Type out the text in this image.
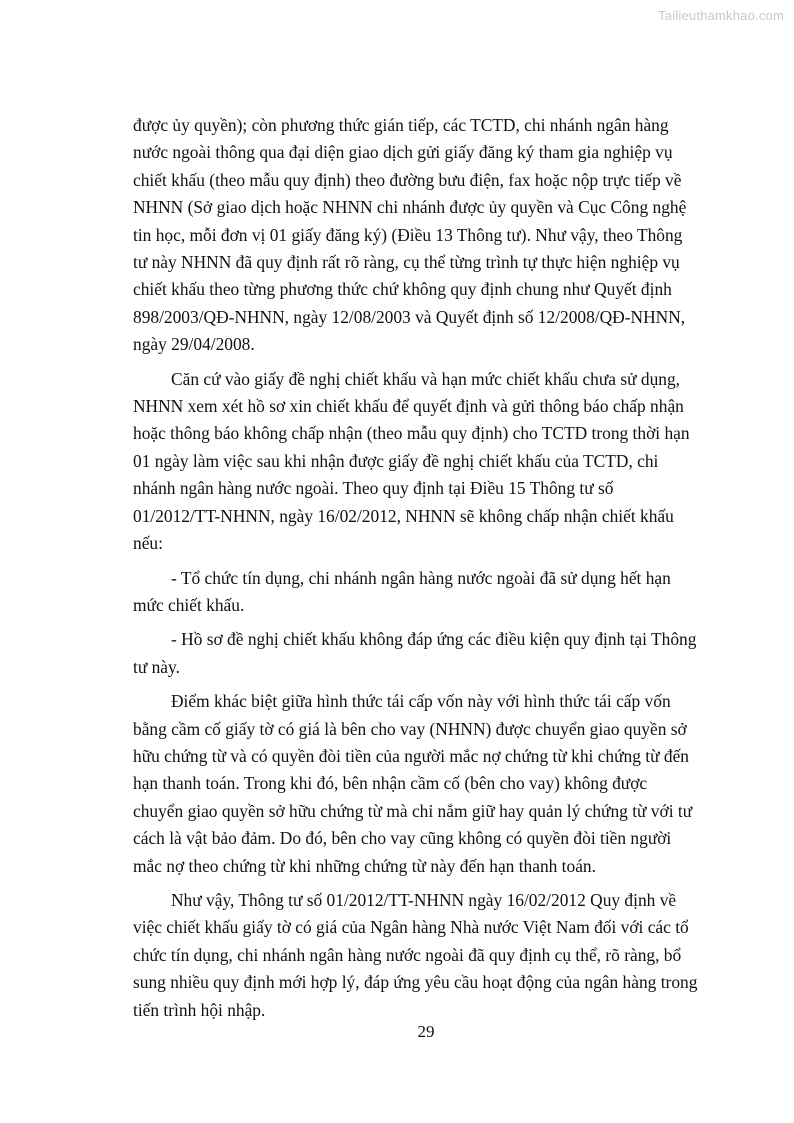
Tailieuthamkhao.com

được ủy quyền); còn phương thức gián tiếp, các TCTD, chi nhánh ngân hàng
nước ngoài thông qua đại diện giao dịch gửi giấy đăng ký tham gia nghiệp vụ
chiết khấu (theo mẫu quy định) theo đường bưu điện, fax hoặc nộp trực tiếp về
NHNN (Sở giao dịch hoặc NHNN chi nhánh được ủy quyền và Cục Công nghệ
tin học, mỗi đơn vị 01 giấy đăng ký) (Điều 13 Thông tư). Như vậy, theo Thông
tư này NHNN đã quy định rất rõ ràng, cụ thể từng trình tự thực hiện nghiệp vụ
chiết khấu theo từng phương thức chứ không quy định chung như Quyết định
898/2003/QĐ-NHNN, ngày 12/08/2003 và Quyết định số 12/2008/QĐ-NHNN,
ngày 29/04/2008.

Căn cứ vào giấy đề nghị chiết khấu và hạn mức chiết khấu chưa sử dụng,
NHNN xem xét hồ sơ xin chiết khấu để quyết định và gửi thông báo chấp nhận
hoặc thông báo không chấp nhận (theo mẫu quy định) cho TCTD trong thời hạn
01 ngày làm việc sau khi nhận được giấy đề nghị chiết khấu của TCTD, chi
nhánh ngân hàng nước ngoài. Theo quy định tại Điều 15 Thông tư số
01/2012/TT-NHNN, ngày 16/02/2012, NHNN sẽ không chấp nhận chiết khấu
nếu:

- Tổ chức tín dụng, chi nhánh ngân hàng nước ngoài đã sử dụng hết hạn
mức chiết khấu.

- Hồ sơ đề nghị chiết khấu không đáp ứng các điều kiện quy định tại Thông
tư này.

Điểm khác biệt giữa hình thức tái cấp vốn này với hình thức tái cấp vốn
bằng cầm cố giấy tờ có giá là bên cho vay (NHNN) được chuyển giao quyền sở
hữu chứng từ và có quyền đòi tiền của người mắc nợ chứng từ khi chứng từ đến
hạn thanh toán. Trong khi đó, bên nhận cầm cố (bên cho vay) không được
chuyển giao quyền sở hữu chứng từ mà chỉ nắm giữ hay quản lý chứng từ với tư
cách là vật bảo đảm. Do đó, bên cho vay cũng không có quyền đòi tiền người
mắc nợ theo chứng từ khi những chứng từ này đến hạn thanh toán.

Như vậy, Thông tư số 01/2012/TT-NHNN ngày 16/02/2012 Quy định về
việc chiết khấu giấy tờ có giá của Ngân hàng Nhà nước Việt Nam đối với các tổ
chức tín dụng, chi nhánh ngân hàng nước ngoài đã quy định cụ thể, rõ ràng, bổ
sung nhiều quy định mới hợp lý, đáp ứng yêu cầu hoạt động của ngân hàng trong
tiến trình hội nhập.

29
